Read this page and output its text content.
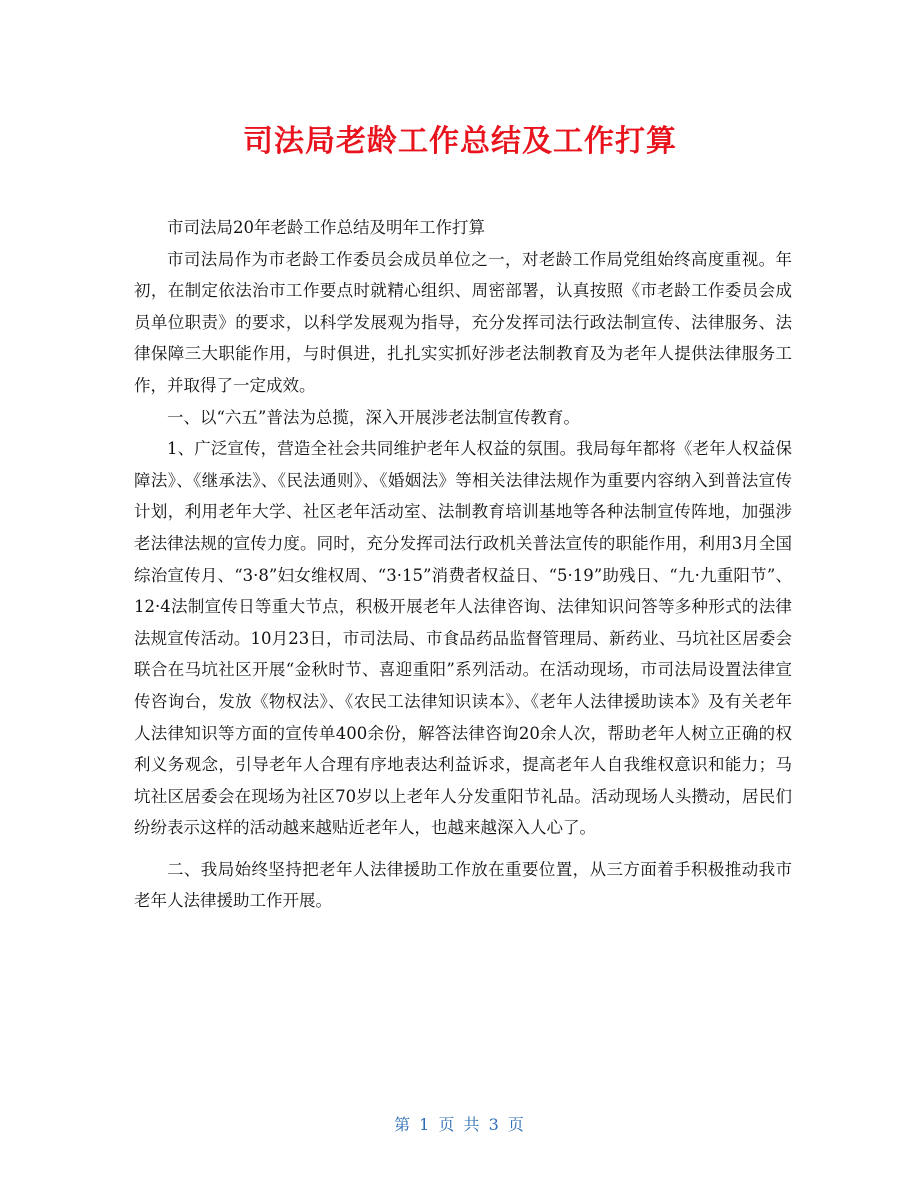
司法局老龄工作总结及工作打算

市司法局20年老龄工作总结及明年工作打算

市司法局作为市老龄工作委员会成员单位之一，对老龄工作局党组始终高度重视。年初，在制定依法治市工作要点时就精心组织、周密部署，认真按照《市老龄工作委员会成员单位职责》的要求，以科学发展观为指导，充分发挥司法行政法制宣传、法律服务、法律保障三大职能作用，与时俱进，扎扎实实抓好涉老法制教育及为老年人提供法律服务工作，并取得了一定成效。

一、以“六五”普法为总揽，深入开展涉老法制宣传教育。

1、广泛宣传，营造全社会共同维护老年人权益的氛围。我局每年都将《老年人权益保障法》、《继承法》、《民法通则》、《婚姻法》等相关法律法规作为重要内容纳入到普法宣传计划，利用老年大学、社区老年活动室、法制教育培训基地等各种法制宣传阵地，加强涉老法律法规的宣传力度。同时，充分发挥司法行政机关普法宣传的职能作用，利用3月全国综治宣传月、“3·8”妇女维权周、“3·15”消费者权益日、“5·19”助残日、“九·九重阳节”、12·4法制宣传日等重大节点，积极开展老年人法律咨询、法律知识问答等多种形式的法律法规宣传活动。10月23日，市司法局、市食品药品监督管理局、新药业、马坑社区居委会联合在马坑社区开展“金秋时节、喜迎重阳”系列活动。在活动现场，市司法局设置法律宣传咨询台，发放《物权法》、《农民工法律知识读本》、《老年人法律援助读本》及有关老年人法律知识等方面的宣传单400余份，解答法律咨询20余人次，帮助老年人树立正确的权利义务观念，引导老年人合理有序地表达利益诉求，提高老年人自我维权意识和能力；马坑社区居委会在现场为社区70岁以上老年人分发重阳节礼品。活动现场人头攒动，居民们纷纷表示这样的活动越来越贴近老年人，也越来越深入人心了。

二、我局始终坚持把老年人法律援助工作放在重要位置，从三方面着手积极推动我市老年人法律援助工作开展。

第 1 页 共 3 页
